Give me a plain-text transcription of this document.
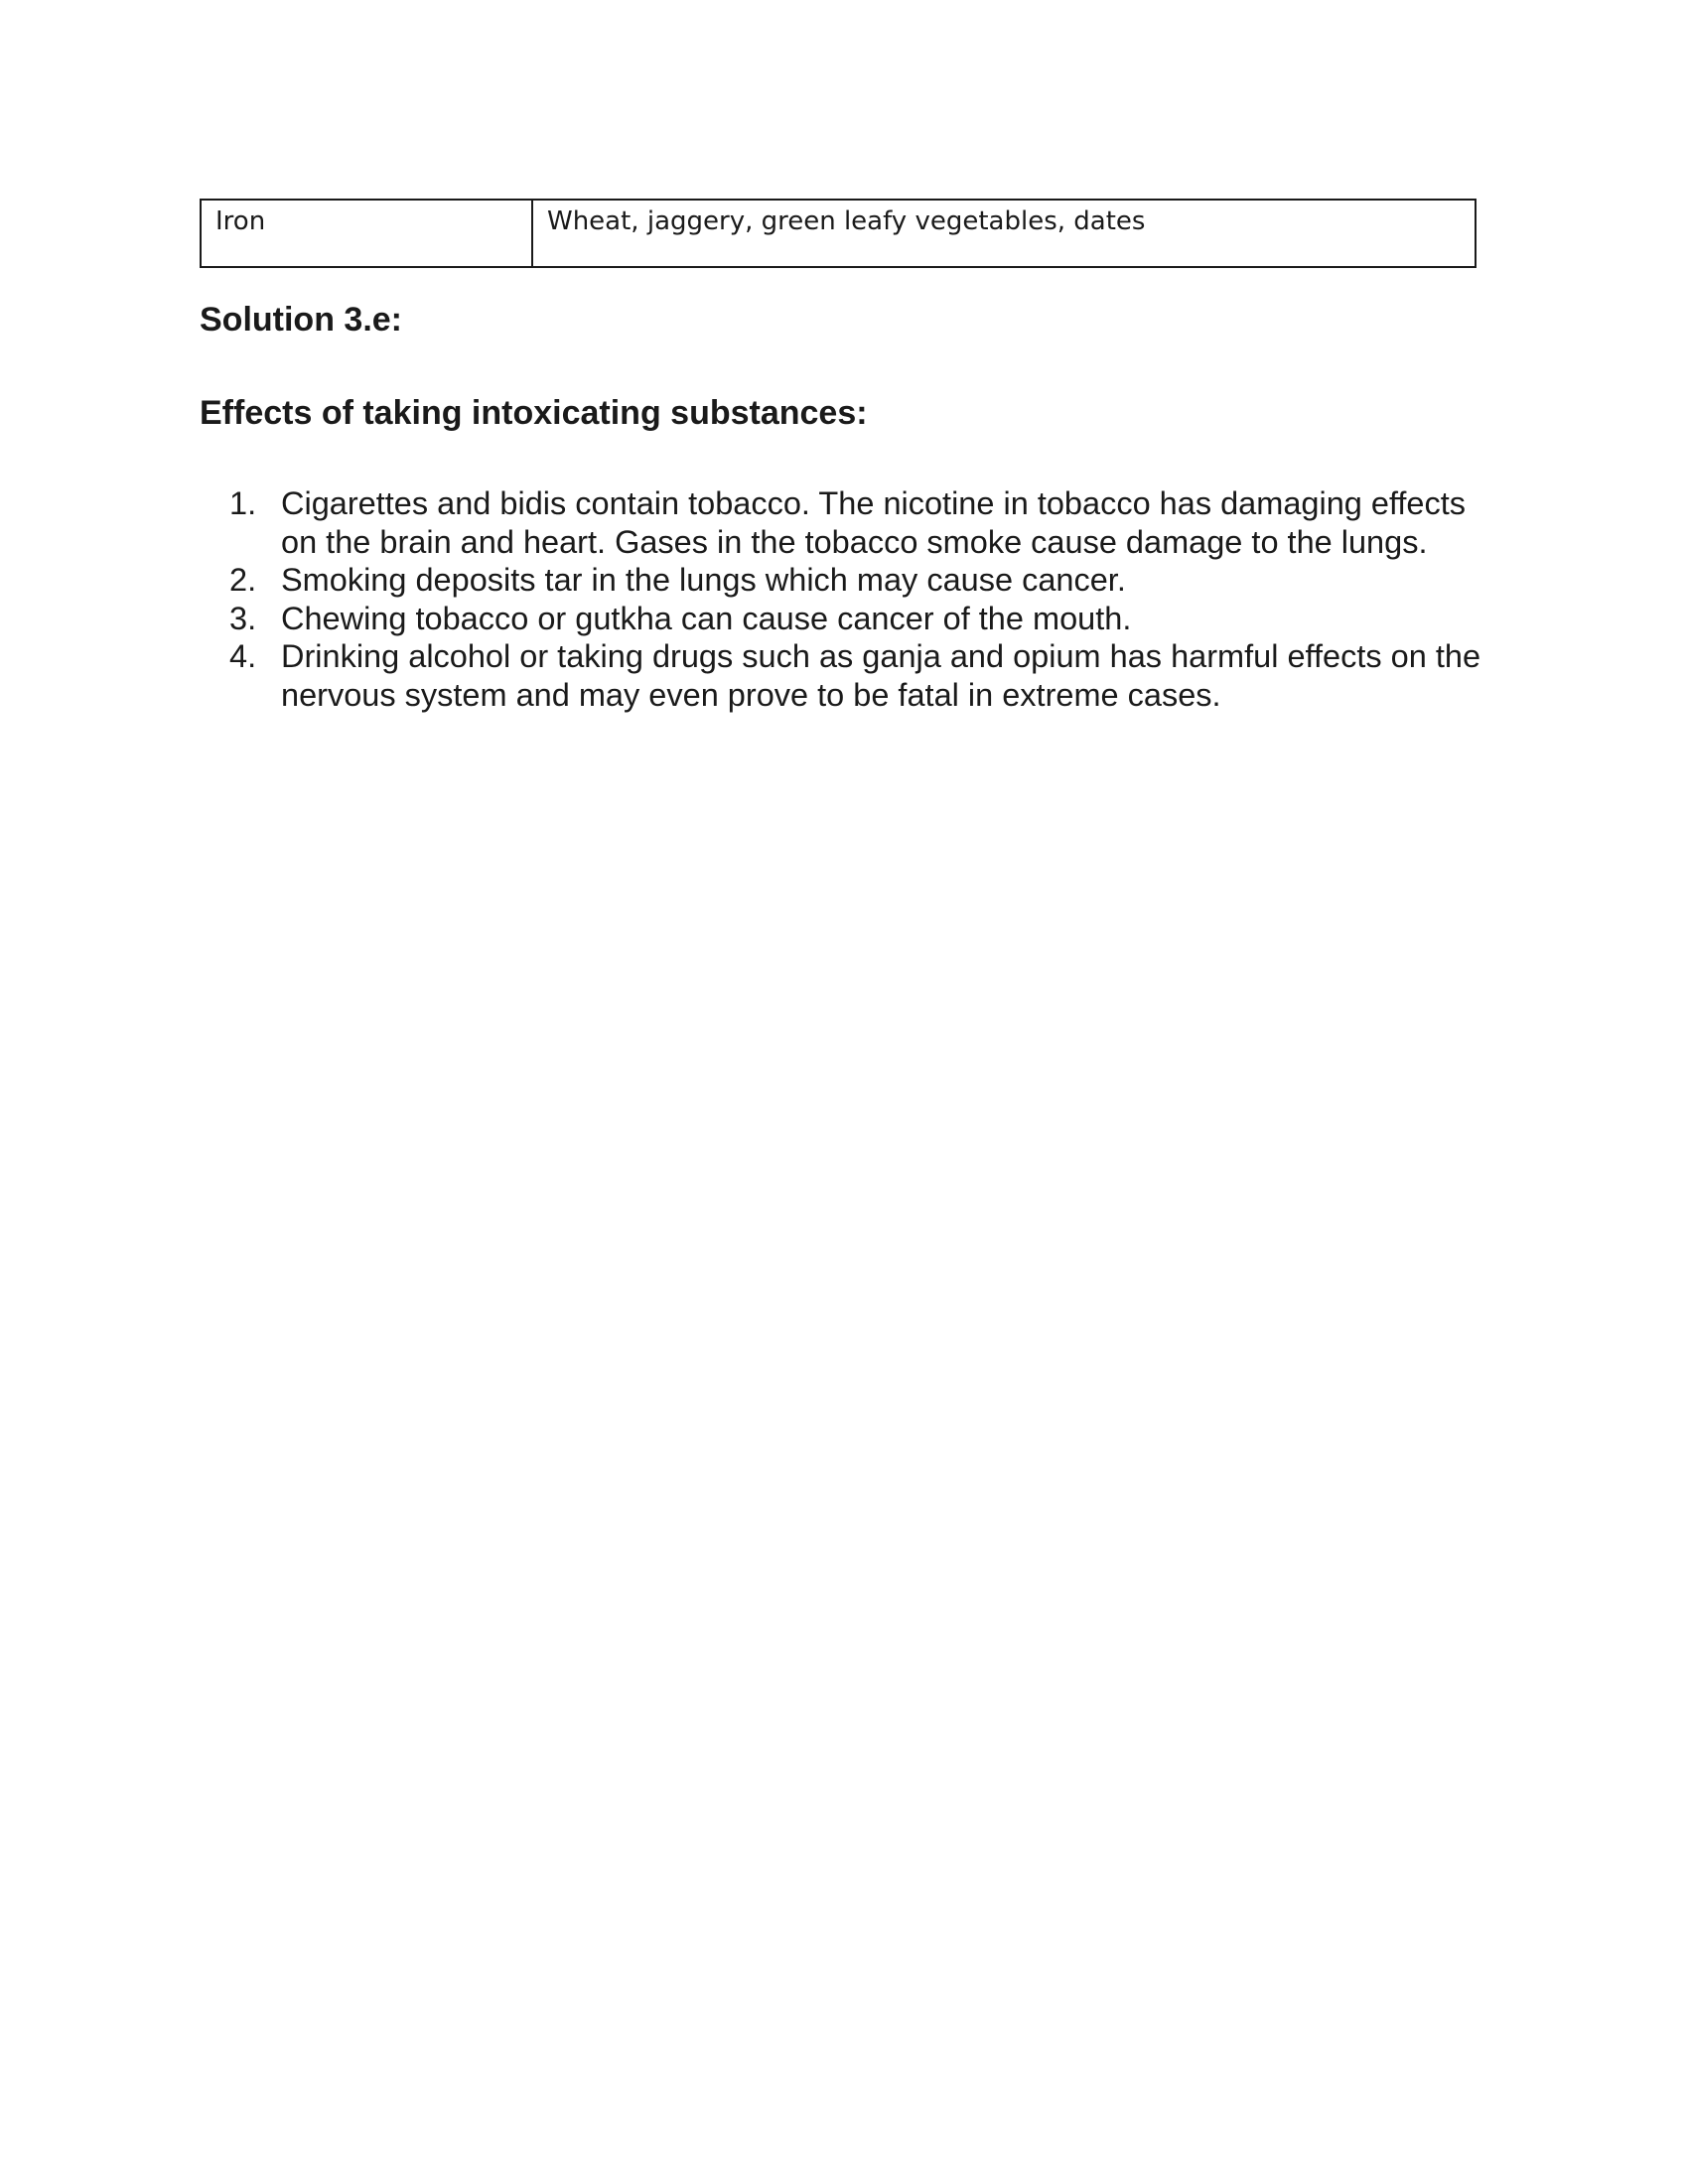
Iron	Wheat, jaggery, green leafy vegetables, dates
Solution 3.e:
Effects of taking intoxicating substances:
1. Cigarettes and bidis contain tobacco. The nicotine in tobacco has damaging effects on the brain and heart. Gases in the tobacco smoke cause damage to the lungs.
2. Smoking deposits tar in the lungs which may cause cancer.
3. Chewing tobacco or gutkha can cause cancer of the mouth.
4. Drinking alcohol or taking drugs such as ganja and opium has harmful effects on the nervous system and may even prove to be fatal in extreme cases.
